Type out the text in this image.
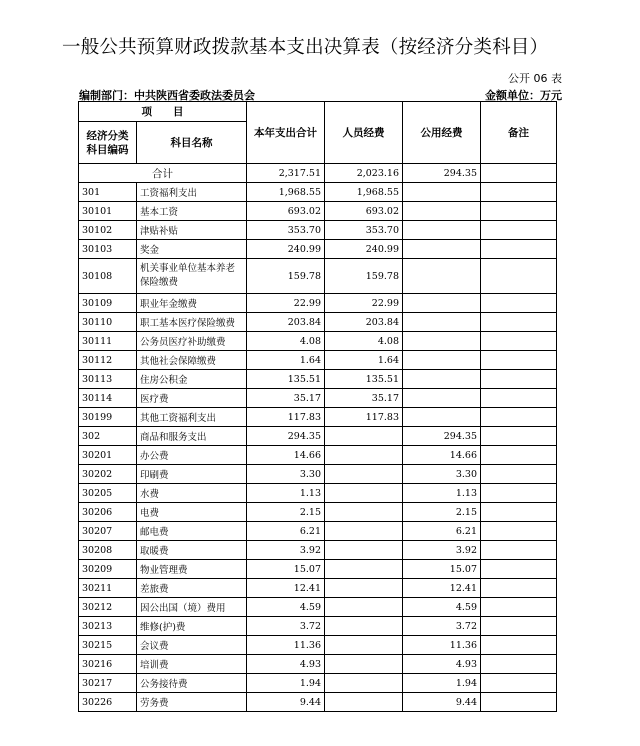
一般公共预算财政拨款基本支出决算表（按经济分类科目）
公开 06 表
编制部门：中共陕西省委政法委员会	金额单位：万元
项　　目		本年支出合计	人员经费	公用经费	备注
经济分类科目编码	科目名称				
合计		2,317.51	2,023.16	294.35	
301	工资福利支出	1,968.55	1,968.55		
30101	基本工资	693.02	693.02		
30102	津贴补贴	353.70	353.70		
30103	奖金	240.99	240.99		
30108	机关事业单位基本养老保险缴费	159.78	159.78		
30109	职业年金缴费	22.99	22.99		
30110	职工基本医疗保险缴费	203.84	203.84		
30111	公务员医疗补助缴费	4.08	4.08		
30112	其他社会保障缴费	1.64	1.64		
30113	住房公积金	135.51	135.51		
30114	医疗费	35.17	35.17		
30199	其他工资福利支出	117.83	117.83		
302	商品和服务支出	294.35		294.35	
30201	办公费	14.66		14.66	
30202	印刷费	3.30		3.30	
30205	水费	1.13		1.13	
30206	电费	2.15		2.15	
30207	邮电费	6.21		6.21	
30208	取暖费	3.92		3.92	
30209	物业管理费	15.07		15.07	
30211	差旅费	12.41		12.41	
30212	因公出国（境）费用	4.59		4.59	
30213	维修(护)费	3.72		3.72	
30215	会议费	11.36		11.36	
30216	培训费	4.93		4.93	
30217	公务接待费	1.94		1.94	
30226	劳务费	9.44		9.44	
